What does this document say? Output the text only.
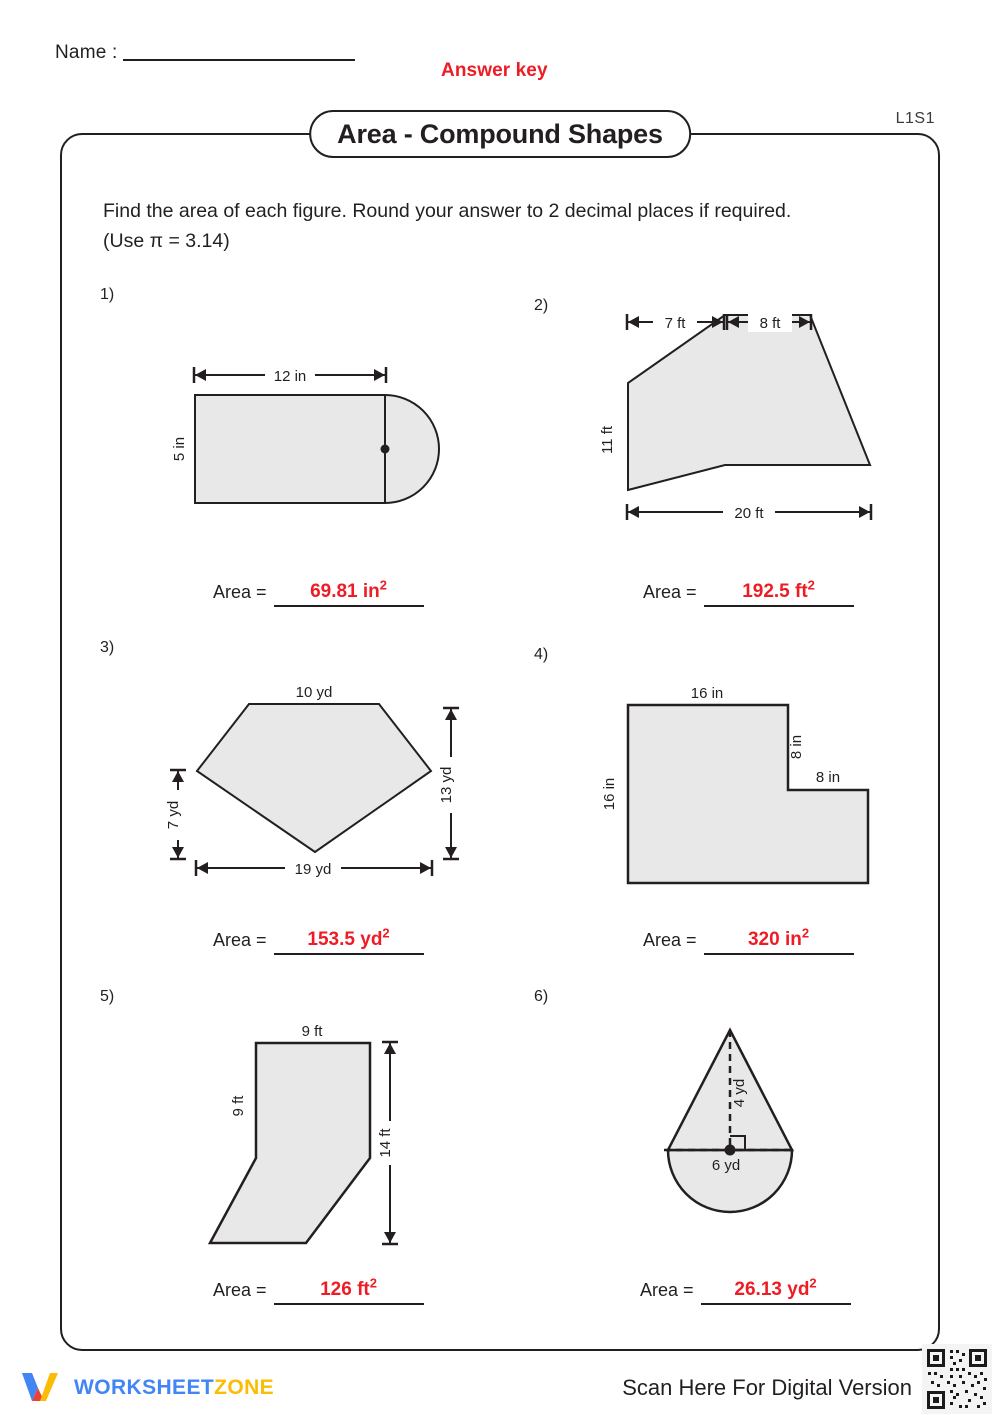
Name :
Answer key
Area - Compound Shapes	L1S1
Find the area of each figure. Round your answer to 2 decimal places if required.
(Use π = 3.14)
1)
12 in
5 in
Area =	69.81 $in^2$
2)
7 ft	8 ft
11 ft
20 ft
Area =	192.5 $ft^2$
3)
10 yd
7 yd
13 yd
19 yd
Area =	153.5 $yd^2$
4)
16 in
16 in
8 in
8 in
Area =	320 $in^2$
5)
9 ft
9 ft
14 ft
Area =	126 $ft^2$
6)
4 yd
6 yd
Area =	26.13 $yd^2$
WORKSHEETZONE	Scan Here For Digital Version
